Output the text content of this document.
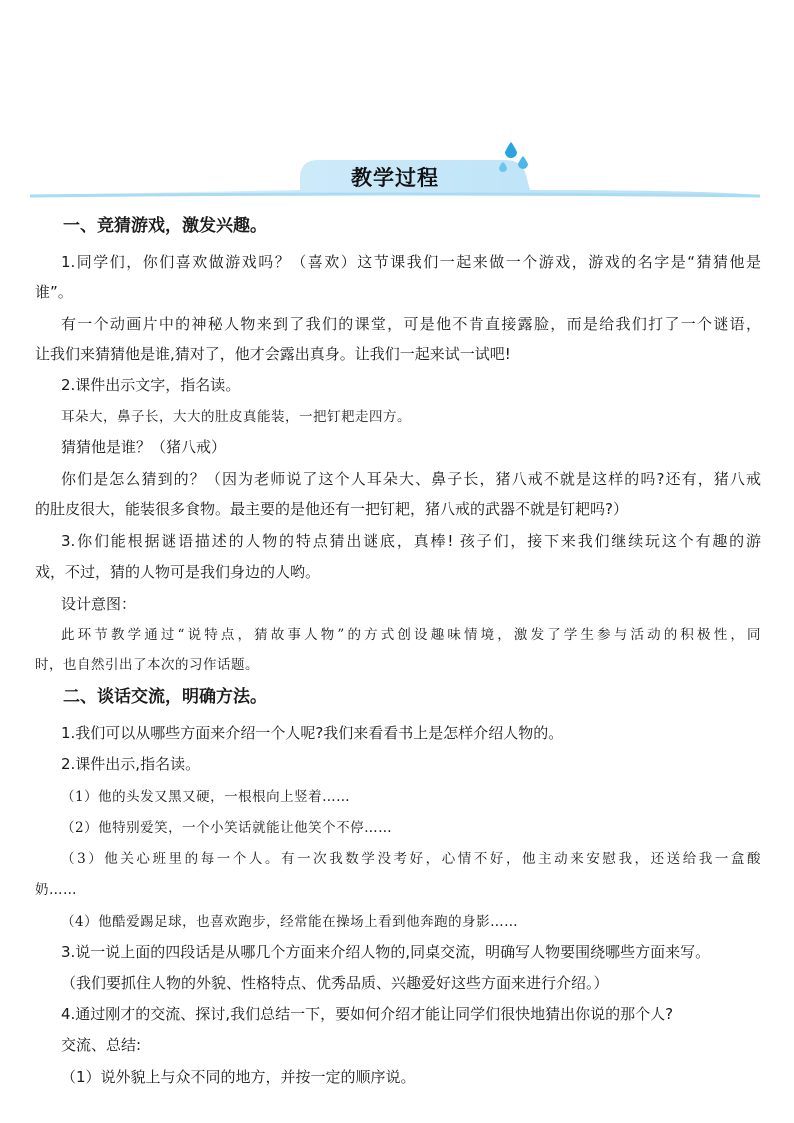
教学过程

一、竞猜游戏，激发兴趣。

1.同学们，你们喜欢做游戏吗？（喜欢）这节课我们一起来做一个游戏，游戏的名字是“猜猜他是

谁”。

有一个动画片中的神秘人物来到了我们的课堂，可是他不肯直接露脸，而是给我们打了一个谜语，

让我们来猜猜他是谁,猜对了，他才会露出真身。让我们一起来试一试吧!

2.课件出示文字，指名读。

耳朵大，鼻子长，大大的肚皮真能装，一把钉耙走四方。

猜猜他是谁？（猪八戒）

你们是怎么猜到的？（因为老师说了这个人耳朵大、鼻子长，猪八戒不就是这样的吗?还有，猪八戒

的肚皮很大，能装很多食物。最主要的是他还有一把钉耙，猪八戒的武器不就是钉耙吗?）

3.你们能根据谜语描述的人物的特点猜出谜底，真棒! 孩子们，接下来我们继续玩这个有趣的游

戏，不过，猜的人物可是我们身边的人哟。

设计意图：

此环节教学通过“说特点，猜故事人物”的方式创设趣味情境，激发了学生参与活动的积极性，同

时，也自然引出了本次的习作话题。

二、谈话交流，明确方法。

1.我们可以从哪些方面来介绍一个人呢?我们来看看书上是怎样介绍人物的。

2.课件出示,指名读。

（1）他的头发又黑又硬，一根根向上竖着……

（2）他特别爱笑，一个小笑话就能让他笑个不停……

（3）他关心班里的每一个人。有一次我数学没考好，心情不好，他主动来安慰我，还送给我一盒酸

奶……

（4）他酷爱踢足球，也喜欢跑步，经常能在操场上看到他奔跑的身影……

3.说一说上面的四段话是从哪几个方面来介绍人物的,同桌交流，明确写人物要围绕哪些方面来写。

（我们要抓住人物的外貌、性格特点、优秀品质、兴趣爱好这些方面来进行介绍。）

4.通过刚才的交流、探讨,我们总结一下，要如何介绍才能让同学们很快地猜出你说的那个人?

交流、总结:

（1）说外貌上与众不同的地方，并按一定的顺序说。
